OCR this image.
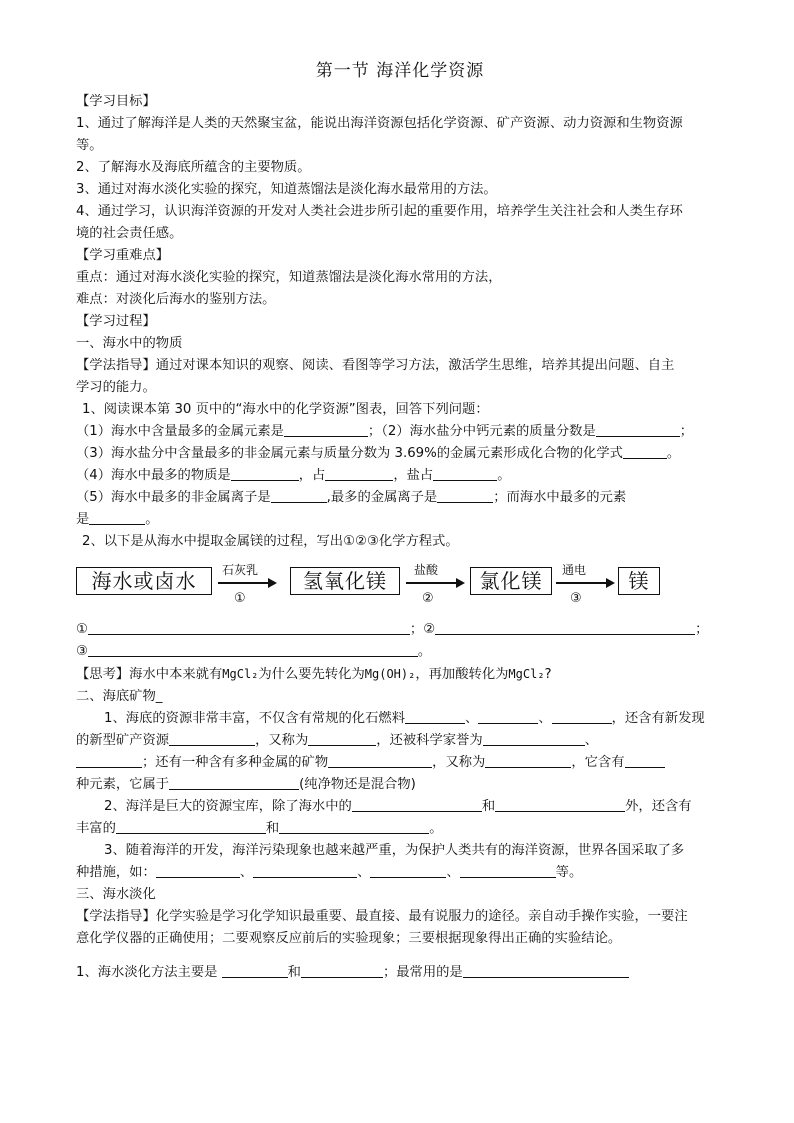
第一节 海洋化学资源
【学习目标】
1、通过了解海洋是人类的天然聚宝盆，能说出海洋资源包括化学资源、矿产资源、动力资源和生物资源
等。
2、了解海水及海底所蕴含的主要物质。
3、通过对海水淡化实验的探究，知道蒸馏法是淡化海水最常用的方法。
4、通过学习，认识海洋资源的开发对人类社会进步所引起的重要作用，培养学生关注社会和人类生存环
境的社会责任感。
【学习重难点】
重点：通过对海水淡化实验的探究，知道蒸馏法是淡化海水常用的方法，
难点：对淡化后海水的鉴别方法。
【学习过程】
一、海水中的物质
【学法指导】通过对课本知识的观察、阅读、看图等学习方法，激活学生思维，培养其提出问题、自主
学习的能力。
1、阅读课本第 30 页中的“海水中的化学资源”图表，回答下列问题：
（1）海水中含量最多的金属元素是	；（2）海水盐分中钙元素的质量分数是	；
（3）海水盐分中含量最多的非金属元素与质量分数为 3.69%的金属元素形成化合物的化学式	。
（4）海水中最多的物质是	，占	，盐占	。
（5）海水中最多的非金属离子是	,最多的金属离子是	；而海水中最多的元素
是	。
2、以下是从海水中提取金属镁的过程，写出①②③化学方程式。
海水或卤水	石灰乳
①
氢氧化镁	盐酸
②
氯化镁	通电
③
镁
①	；②	；
③	。
【思考】海水中本来就有MgCl₂为什么要先转化为Mg(OH)₂，再加酸转化为MgCl₂?
二、海底矿物_
1、海底的资源非常丰富，不仅含有常规的化石燃料	、	、	，还含有新发现
的新型矿产资源	，又称为	，还被科学家誉为	、
；还有一种含有多种金属的矿物	，又称为	，它含有
种元素，它属于	(纯净物还是混合物)
2、海洋是巨大的资源宝库，除了海水中的	和	外，还含有
丰富的	和	。
3、随着海洋的开发，海洋污染现象也越来越严重，为保护人类共有的海洋资源，世界各国采取了多
种措施，如：	、	、	、	等。
三、海水淡化
【学法指导】化学实验是学习化学知识最重要、最直接、最有说服力的途径。亲自动手操作实验，一要注
意化学仪器的正确使用；二要观察反应前后的实验现象；三要根据现象得出正确的实验结论。
1、海水淡化方法主要是	和	；最常用的是
